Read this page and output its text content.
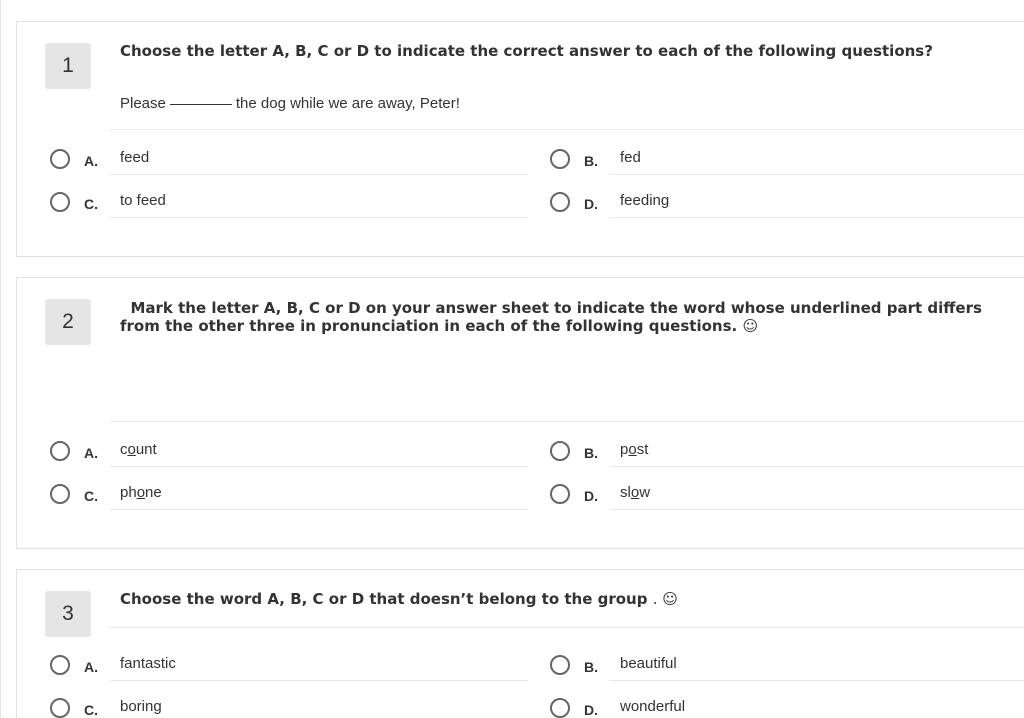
1
Choose the letter A, B, C or D to indicate the correct answer to each of the following questions?
Please	the dog while we are away, Peter!
A. feed	B. fed
C. to feed	D. feeding
2
Mark the letter A, B, C or D on your answer sheet to indicate the word whose underlined part differs
from the other three in pronunciation in each of the following questions. ☺
A. count	B. post
C. phone	D. slow
3
Choose the word A, B, C or D that doesn’t belong to the group . ☺
A. fantastic	B. beautiful
C. boring	D. wonderful
